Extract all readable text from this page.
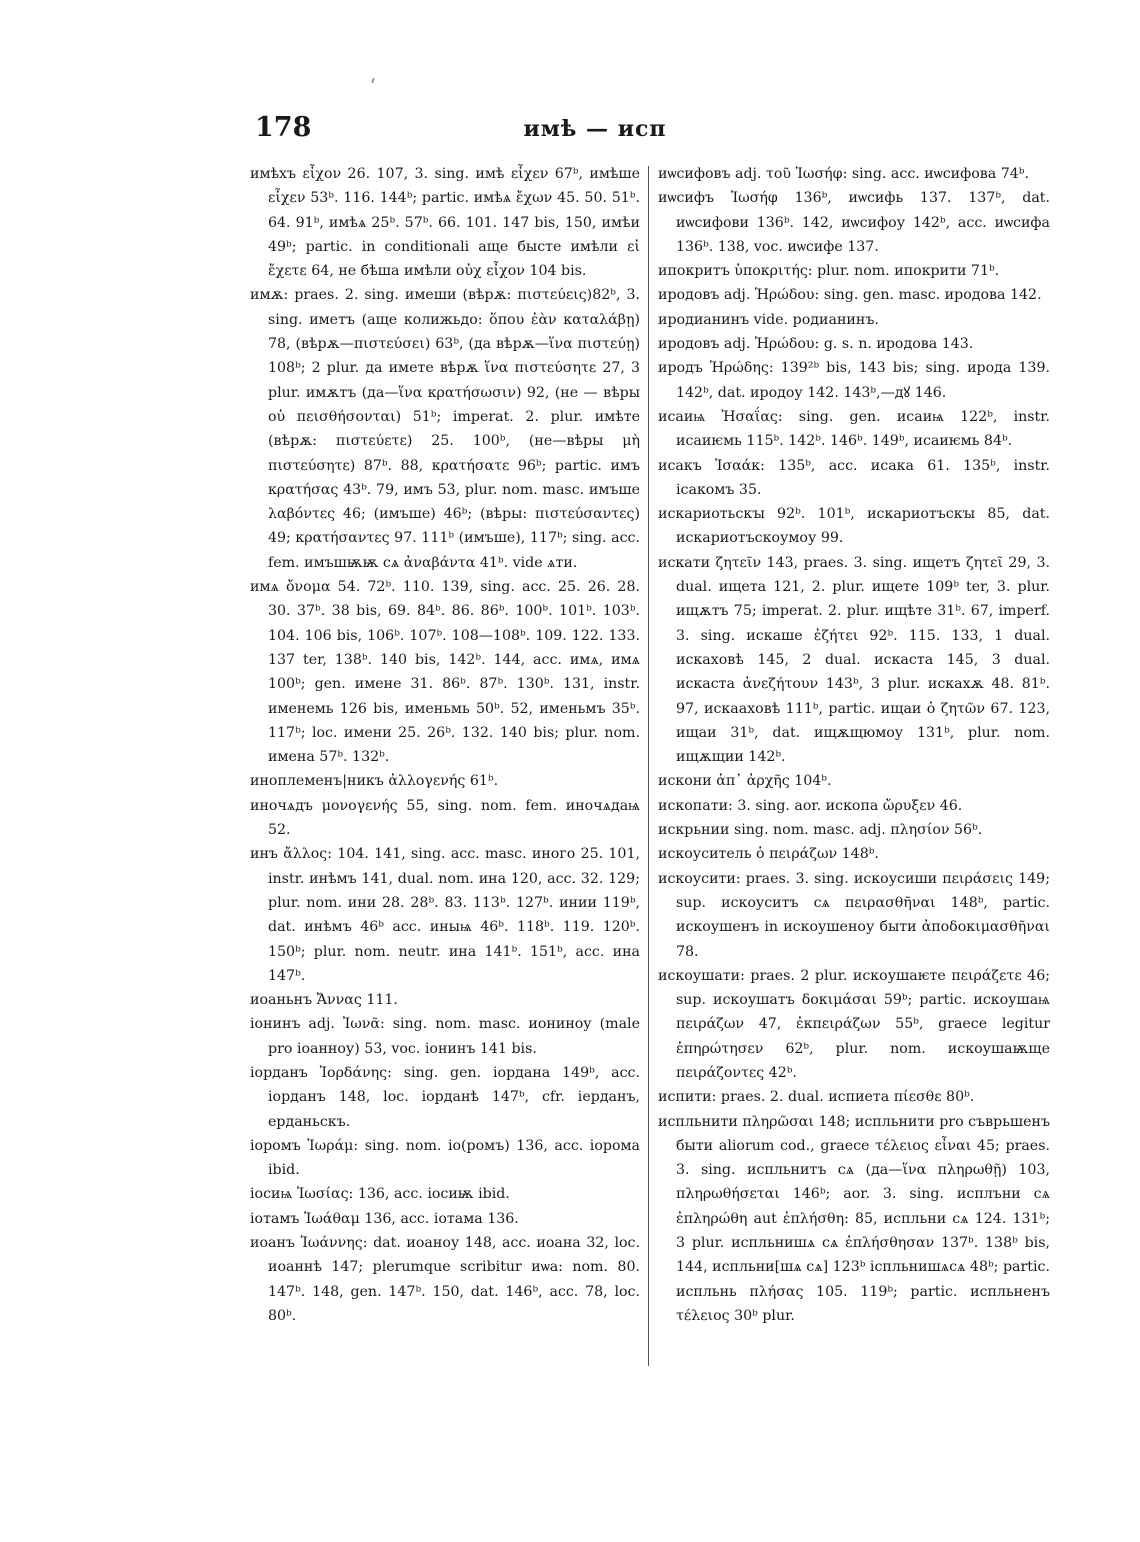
178	имѣ — исп

имѣхъ εἶχον 26. 107, 3. sing. имѣ εἶχεν 67ᵇ, имѣше εἶχεν 53ᵇ. 116. 144ᵇ; partic. имѣѧ ἔχων 45. 50. 51ᵇ. 64. 91ᵇ, имѣѧ 25ᵇ. 57ᵇ. 66. 101. 147 bis, 150, имѣи 49ᵇ; partic. in conditionali аще бысте имѣли εἰ ἔχετε 64, не бѣша имѣли οὐχ εἶχον 104 bis.

имѫ: praes. 2. sing. имеши (вѣрѫ: πιστεύεις)82ᵇ, 3. sing. иметъ (аще колижьдо: ὅπου ἐὰν καταλάβῃ) 78, (вѣрѫ—πιστεύσει) 63ᵇ, (да вѣрѫ—ἵνα πιστεύῃ) 108ᵇ; 2 plur. да имете вѣрѫ ἵνα πιστεύσητε 27, 3 plur. имѫтъ (да—ἵνα κρατήσωσιν) 92, (не — вѣры οὐ πεισθήσονται) 51ᵇ; imperat. 2. plur. имѣте (вѣрѫ: πιστεύετε) 25. 100ᵇ, (не—вѣры μὴ πιστεύσητε) 87ᵇ. 88, κρατήσατε 96ᵇ; partic. имъ κρατήσας 43ᵇ. 79, имъ 53, plur. nom. masc. имъше λαβόντες 46; (имъше) 46ᵇ; (вѣры: πιστεύσαντες) 49; κρατήσαντες 97. 111ᵇ (имъше), 117ᵇ; sing. acc. fem. имъшѭѭ сѧ ἀναβάντα 41ᵇ. vide ѧти.

имѧ ὄνομα 54. 72ᵇ. 110. 139, sing. acc. 25. 26. 28. 30. 37ᵇ. 38 bis, 69. 84ᵇ. 86. 86ᵇ. 100ᵇ. 101ᵇ. 103ᵇ. 104. 106 bis, 106ᵇ. 107ᵇ. 108—108ᵇ. 109. 122. 133. 137 ter, 138ᵇ. 140 bis, 142ᵇ. 144, acc. имѧ, имѧ 100ᵇ; gen. имене 31. 86ᵇ. 87ᵇ. 130ᵇ. 131, instr. именемь 126 bis, именьмь 50ᵇ. 52, именьмъ 35ᵇ. 117ᵇ; loc. имени 25. 26ᵇ. 132. 140 bis; plur. nom. имена 57ᵇ. 132ᵇ.

иноплеменъ|никъ ἀλλογενής 61ᵇ.

иночѧдъ μονογενής 55, sing. nom. fem. иночѧдаѩ 52.

инъ ἄλλος: 104. 141, sing. acc. masc. иного 25. 101, instr. инѣмъ 141, dual. nom. ина 120, acc. 32. 129; plur. nom. ини 28. 28ᵇ. 83. 113ᵇ. 127ᵇ. инии 119ᵇ, dat. инѣмъ 46ᵇ acc. иныѩ 46ᵇ. 118ᵇ. 119. 120ᵇ. 150ᵇ; plur. nom. neutr. ина 141ᵇ. 151ᵇ, acc. ина 147ᵇ.

иоаньнъ Ἄννας 111.

іонинъ adj. Ἰωνᾶ: sing. nom. masc. иониноу (male pro іоанноу) 53, voc. іонинъ 141 bis.

іорданъ Ἰορδάνης: sing. gen. іордана 149ᵇ, acc. іорданъ 148, loc. іорданѣ 147ᵇ, cfr. іерданъ, ерданьскъ.

іоромъ Ἰωράμ: sing. nom. іо(ромъ) 136, acc. іорома ibid.

іосиѩ Ἰωσίας: 136, acc. іосиѭ ibid.

іотамъ Ἰωάθαμ 136, acc. іотама 136.

иоанъ Ἰωάννης: dat. иоаноу 148, acc. иоана 32, loc. иоаннѣ 147; plerumque scribitur иѡа: nom. 80. 147ᵇ. 148, gen. 147ᵇ. 150, dat. 146ᵇ, acc. 78, loc. 80ᵇ.

иѡсифовъ adj. τοῦ Ἰωσήφ: sing. acc. иѡсифова 74ᵇ.

иѡсифъ Ἰωσήφ 136ᵇ, иѡсифь 137. 137ᵇ, dat. иѡсифови 136ᵇ. 142, иѡсифоу 142ᵇ, acc. иѡсифа 136ᵇ. 138, voc. иѡсифе 137.

ипокритъ ὑποκριτής: plur. nom. ипокрити 71ᵇ.

иродовъ adj. Ἡρώδου: sing. gen. masc. иродова 142.

иродианинъ vide. родианинъ.

иродовъ adj. Ἡρώδου: g. s. n. иродова 143.

иродъ Ἡρώδης: 139²ᵇ bis, 143 bis; sing. ирода 139. 142ᵇ, dat. иродоу 142. 143ᵇ,—дꙋ 146.

исаиѩ Ἠσαΐας: sing. gen. исаиѩ 122ᵇ, instr. исаиѥмь 115ᵇ. 142ᵇ. 146ᵇ. 149ᵇ, исаиѥмь 84ᵇ.

исакъ Ἰσαάκ: 135ᵇ, acc. исака 61. 135ᵇ, instr. ісакомъ 35.

искариотьскꙑ 92ᵇ. 101ᵇ, искариотъскꙑ 85, dat. искариотъскоумоу 99.

искати ζητεῖν 143, praes. 3. sing. ищетъ ζητεῖ 29, 3. dual. ищета 121, 2. plur. ищете 109ᵇ ter, 3. plur. ищѫтъ 75; imperat. 2. plur. ищѣте 31ᵇ. 67, imperf. 3. sing. искаше ἐζήτει 92ᵇ. 115. 133, 1 dual. искаховѣ 145, 2 dual. искаста 145, 3 dual. искаста ἀνεζήτουν 143ᵇ, 3 plur. искахѫ 48. 81ᵇ. 97, искааховѣ 111ᵇ, partic. ищаи ὁ ζητῶν 67. 123, ищаи 31ᵇ, dat. ищѫщюмоу 131ᵇ, plur. nom. ищѫщии 142ᵇ.

искони ἀπ᾽ ἀρχῆς 104ᵇ.

ископати: 3. sing. aor. ископа ὤρυξεν 46.

искрьнии sing. nom. masc. adj. πλησίον 56ᵇ.

искоуситель ὁ πειράζων 148ᵇ.

искоусити: praes. 3. sing. искоусиши πειράσεις 149; sup. искоуситъ сѧ πειρασθῆναι 148ᵇ, partic. искоушенъ in искоушеноу быти ἀποδοκιμασθῆναι 78.

искоушати: praes. 2 plur. искоушаѥте πειράζετε 46; sup. искоушатъ δοκιμάσαι 59ᵇ; partic. искоушаѩ πειράζων 47, ἐκπειράζων 55ᵇ, graece legitur ἐπηρώτησεν 62ᵇ, plur. nom. искоушаѭще πειράζοντες 42ᵇ.

испити: praes. 2. dual. испиета πίεσθε 80ᵇ.

испльнити πληρῶσαι 148; испльнити pro съврьшенъ быти aliorum cod., graece τέλειος εἶναι 45; praes. 3. sing. испльнитъ сѧ (да—ἵνα πληρωθῇ) 103, πληρωθήσεται 146ᵇ; aor. 3. sing. исплъни сѧ ἐπληρώθη aut ἐπλήσθη: 85, испльни сѧ 124. 131ᵇ; 3 plur. испльнишѧ сѧ ἐπλήσθησαν 137ᵇ. 138ᵇ bis, 144, испльни[шѧ сѧ] 123ᵇ іспльнишѧсѧ 48ᵇ; partic. испльнь πλήσας 105. 119ᵇ; partic. испльненъ τέλειος 30ᵇ plur.
